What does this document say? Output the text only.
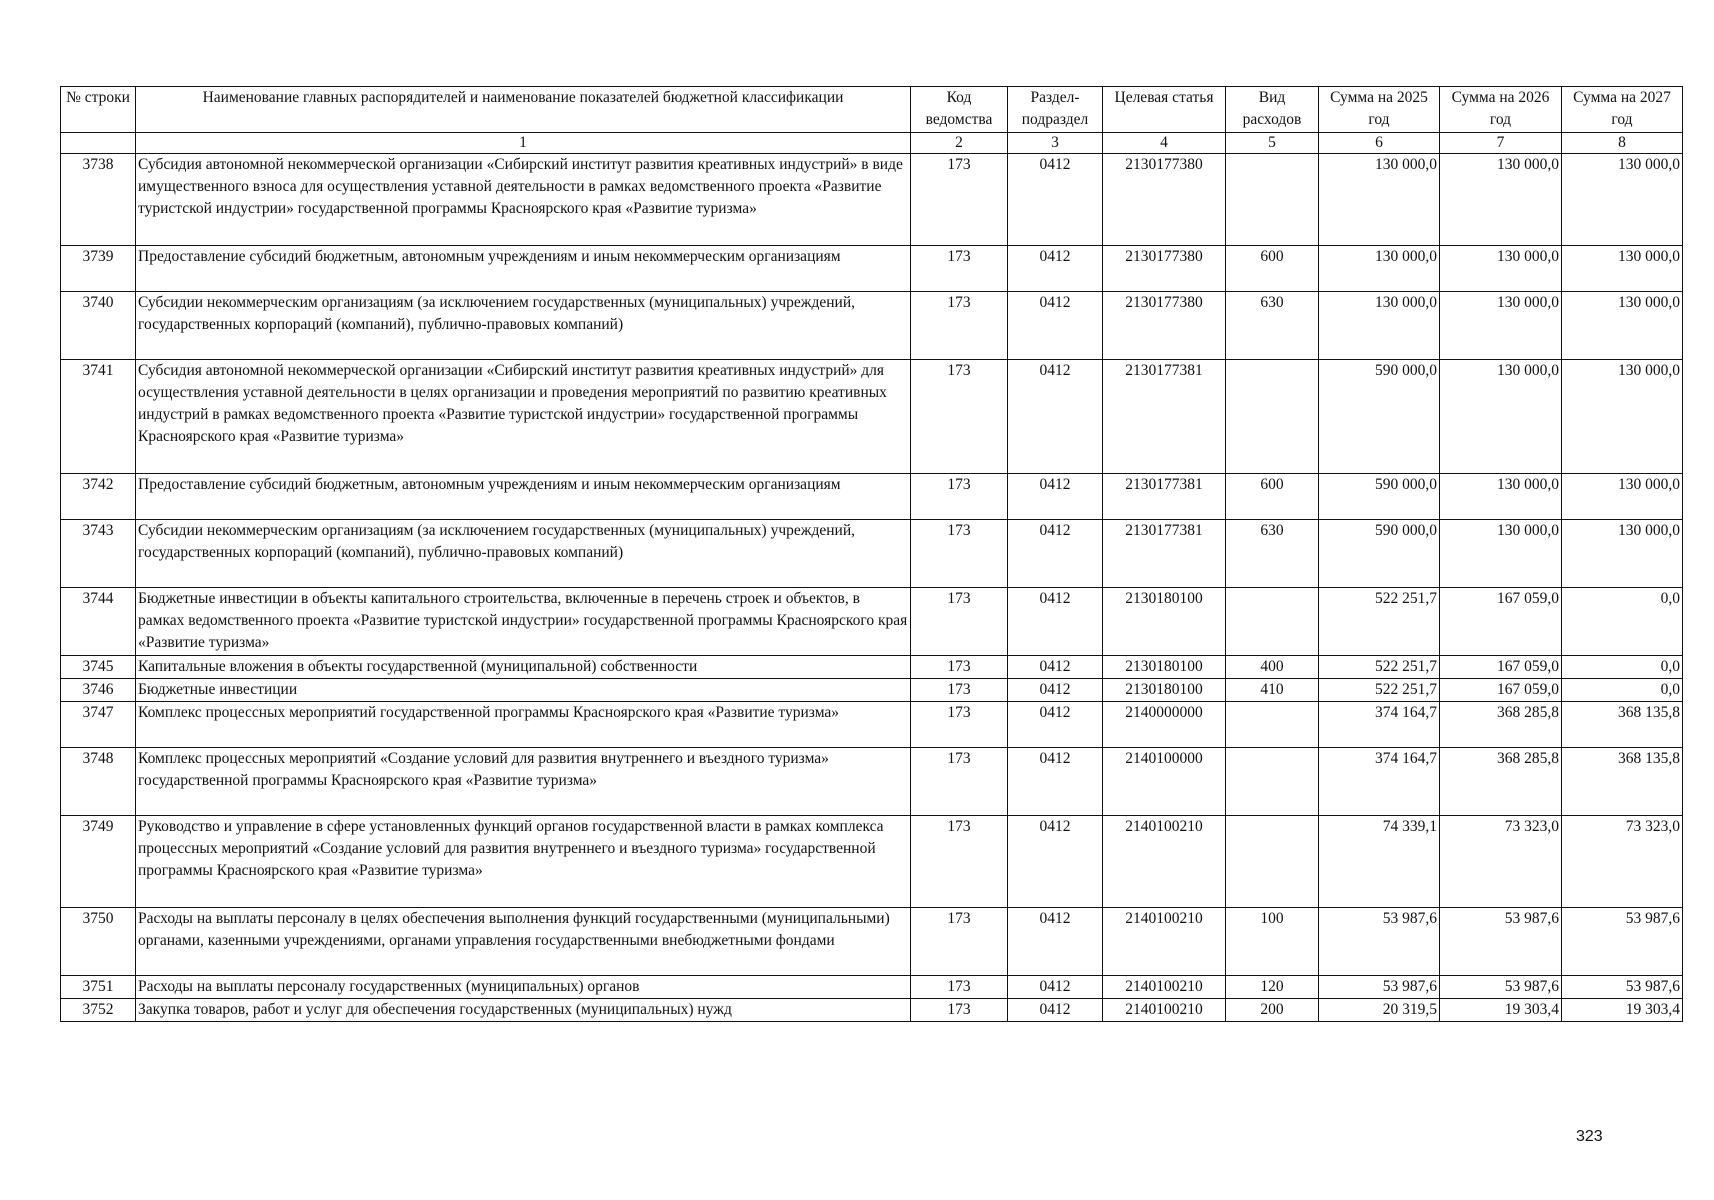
№ строки	Наименование главных распорядителей и наименование показателей бюджетной классификации	Код ведомства	Раздел-подраздел	Целевая статья	Вид расходов	Сумма на 2025 год	Сумма на 2026 год	Сумма на 2027 год
	1	2	3	4	5	6	7	8
3738	Субсидия автономной некоммерческой организации «Сибирский институт развития креативных индустрий» в виде имущественного взноса для осуществления уставной деятельности в рамках ведомственного проекта «Развитие туристской индустрии» государственной программы Красноярского края «Развитие туризма»	173	0412	2130177380		130 000,0	130 000,0	130 000,0
3739	Предоставление субсидий бюджетным, автономным учреждениям и иным некоммерческим организациям	173	0412	2130177380	600	130 000,0	130 000,0	130 000,0
3740	Субсидии некоммерческим организациям (за исключением государственных (муниципальных) учреждений, государственных корпораций (компаний), публично-правовых компаний)	173	0412	2130177380	630	130 000,0	130 000,0	130 000,0
3741	Субсидия автономной некоммерческой организации «Сибирский институт развития креативных индустрий» для осуществления уставной деятельности в целях организации и проведения мероприятий по развитию креативных индустрий в рамках ведомственного проекта «Развитие туристской индустрии» государственной программы Красноярского края «Развитие туризма»	173	0412	2130177381		590 000,0	130 000,0	130 000,0
3742	Предоставление субсидий бюджетным, автономным учреждениям и иным некоммерческим организациям	173	0412	2130177381	600	590 000,0	130 000,0	130 000,0
3743	Субсидии некоммерческим организациям (за исключением государственных (муниципальных) учреждений, государственных корпораций (компаний), публично-правовых компаний)	173	0412	2130177381	630	590 000,0	130 000,0	130 000,0
3744	Бюджетные инвестиции в объекты капитального строительства, включенные в перечень строек и объектов, в рамках ведомственного проекта «Развитие туристской индустрии» государственной программы Красноярского края «Развитие туризма»	173	0412	2130180100		522 251,7	167 059,0	0,0
3745	Капитальные вложения в объекты государственной (муниципальной) собственности	173	0412	2130180100	400	522 251,7	167 059,0	0,0
3746	Бюджетные инвестиции	173	0412	2130180100	410	522 251,7	167 059,0	0,0
3747	Комплекс процессных мероприятий государственной программы Красноярского края «Развитие туризма»	173	0412	2140000000		374 164,7	368 285,8	368 135,8
3748	Комплекс процессных мероприятий «Создание условий для развития внутреннего и въездного туризма» государственной программы Красноярского края «Развитие туризма»	173	0412	2140100000		374 164,7	368 285,8	368 135,8
3749	Руководство и управление в сфере установленных функций органов государственной власти в рамках комплекса процессных мероприятий «Создание условий для развития внутреннего и въездного туризма» государственной программы Красноярского края «Развитие туризма»	173	0412	2140100210		74 339,1	73 323,0	73 323,0
3750	Расходы на выплаты персоналу в целях обеспечения выполнения функций государственными (муниципальными) органами, казенными учреждениями, органами управления государственными внебюджетными фондами	173	0412	2140100210	100	53 987,6	53 987,6	53 987,6
3751	Расходы на выплаты персоналу государственных (муниципальных) органов	173	0412	2140100210	120	53 987,6	53 987,6	53 987,6
3752	Закупка товаров, работ и услуг для обеспечения государственных (муниципальных) нужд	173	0412	2140100210	200	20 319,5	19 303,4	19 303,4
323
